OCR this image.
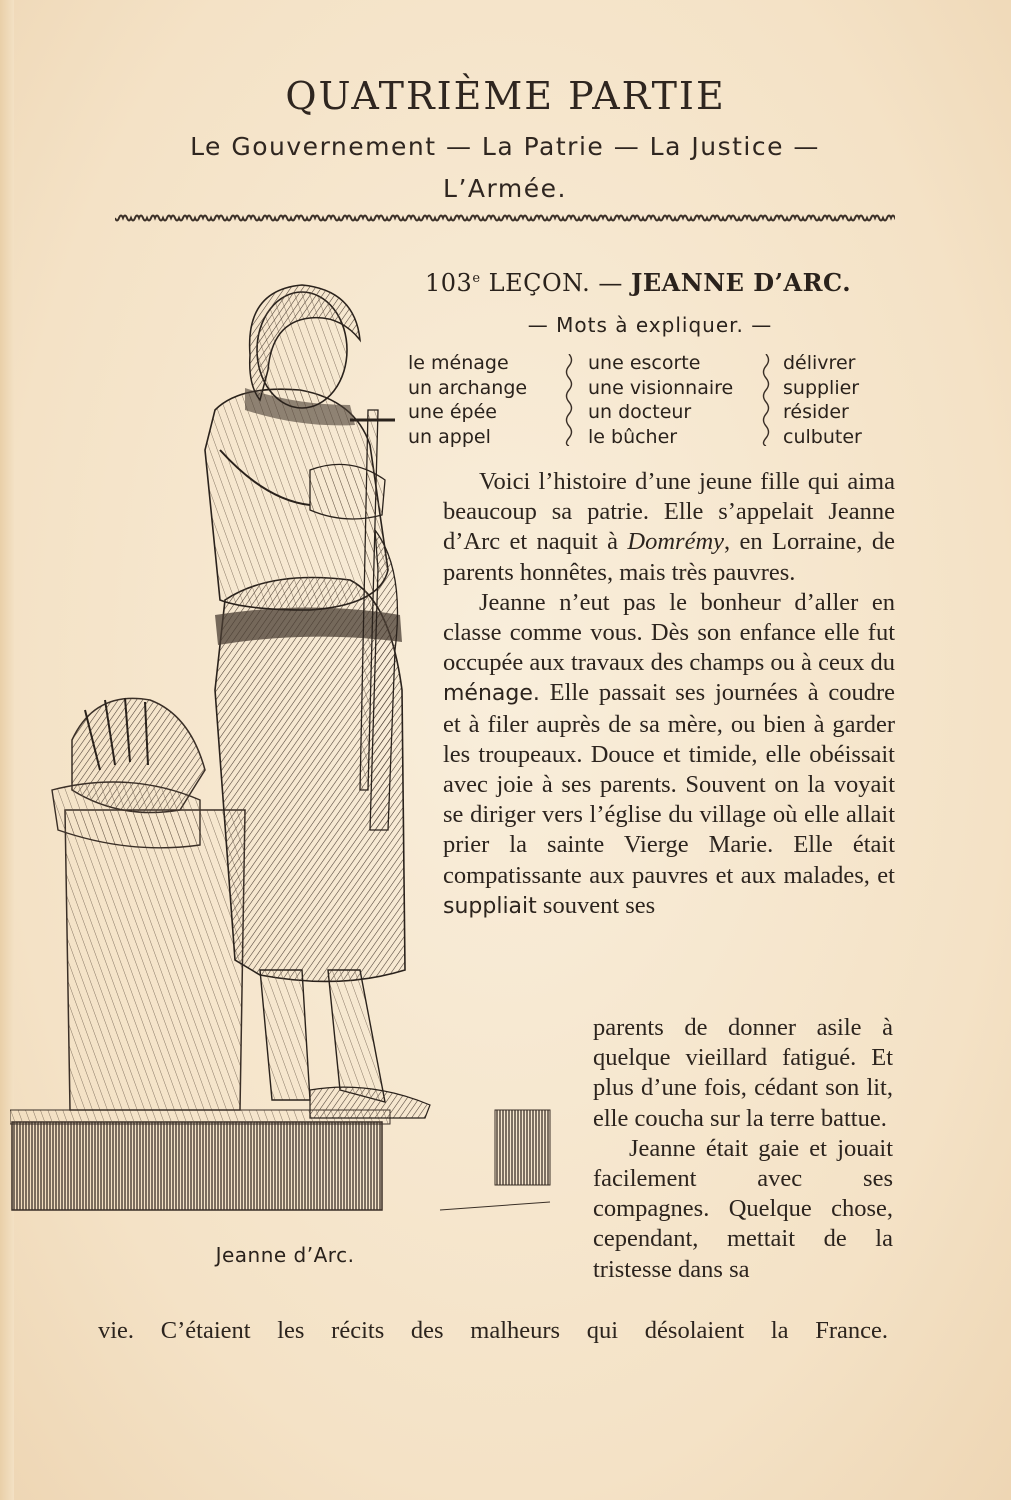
QUATRIÈME PARTIE
Le Gouvernement — La Patrie — La Justice —
L’Armée.
103e LEÇON. — JEANNE D’ARC.
— Mots à expliquer. —
le ménage
un archange
une épée
un appel
une escorte
une visionnaire
un docteur
le bûcher
délivrer
supplier
résider
culbuter

Voici l’histoire d’une jeune fille qui aima beaucoup sa patrie. Elle s’appelait Jeanne d’Arc et naquit à Domrémy, en Lorraine, de parents honnêtes, mais très pauvres.

Jeanne n’eut pas le bonheur d’aller en classe comme vous. Dès son enfance elle fut occupée aux travaux des champs ou à ceux du ménage. Elle passait ses journées à coudre et à filer auprès de sa mère, ou bien à garder les troupeaux. Douce et timide, elle obéissait avec joie à ses parents. Souvent on la voyait se diriger vers l’église du village où elle allait prier la sainte Vierge Marie. Elle était compatissante aux pauvres et aux malades, et suppliait souvent ses

parents de donner asile à quelque vieillard fatigué. Et plus d’une fois, cédant son lit, elle coucha sur la terre battue.

Jeanne était gaie et jouait facilement avec ses compagnes. Quelque chose, cependant, mettait de la tristesse dans sa

vie. C’étaient les récits des malheurs qui désolaient la France.
Jeanne d’Arc.
